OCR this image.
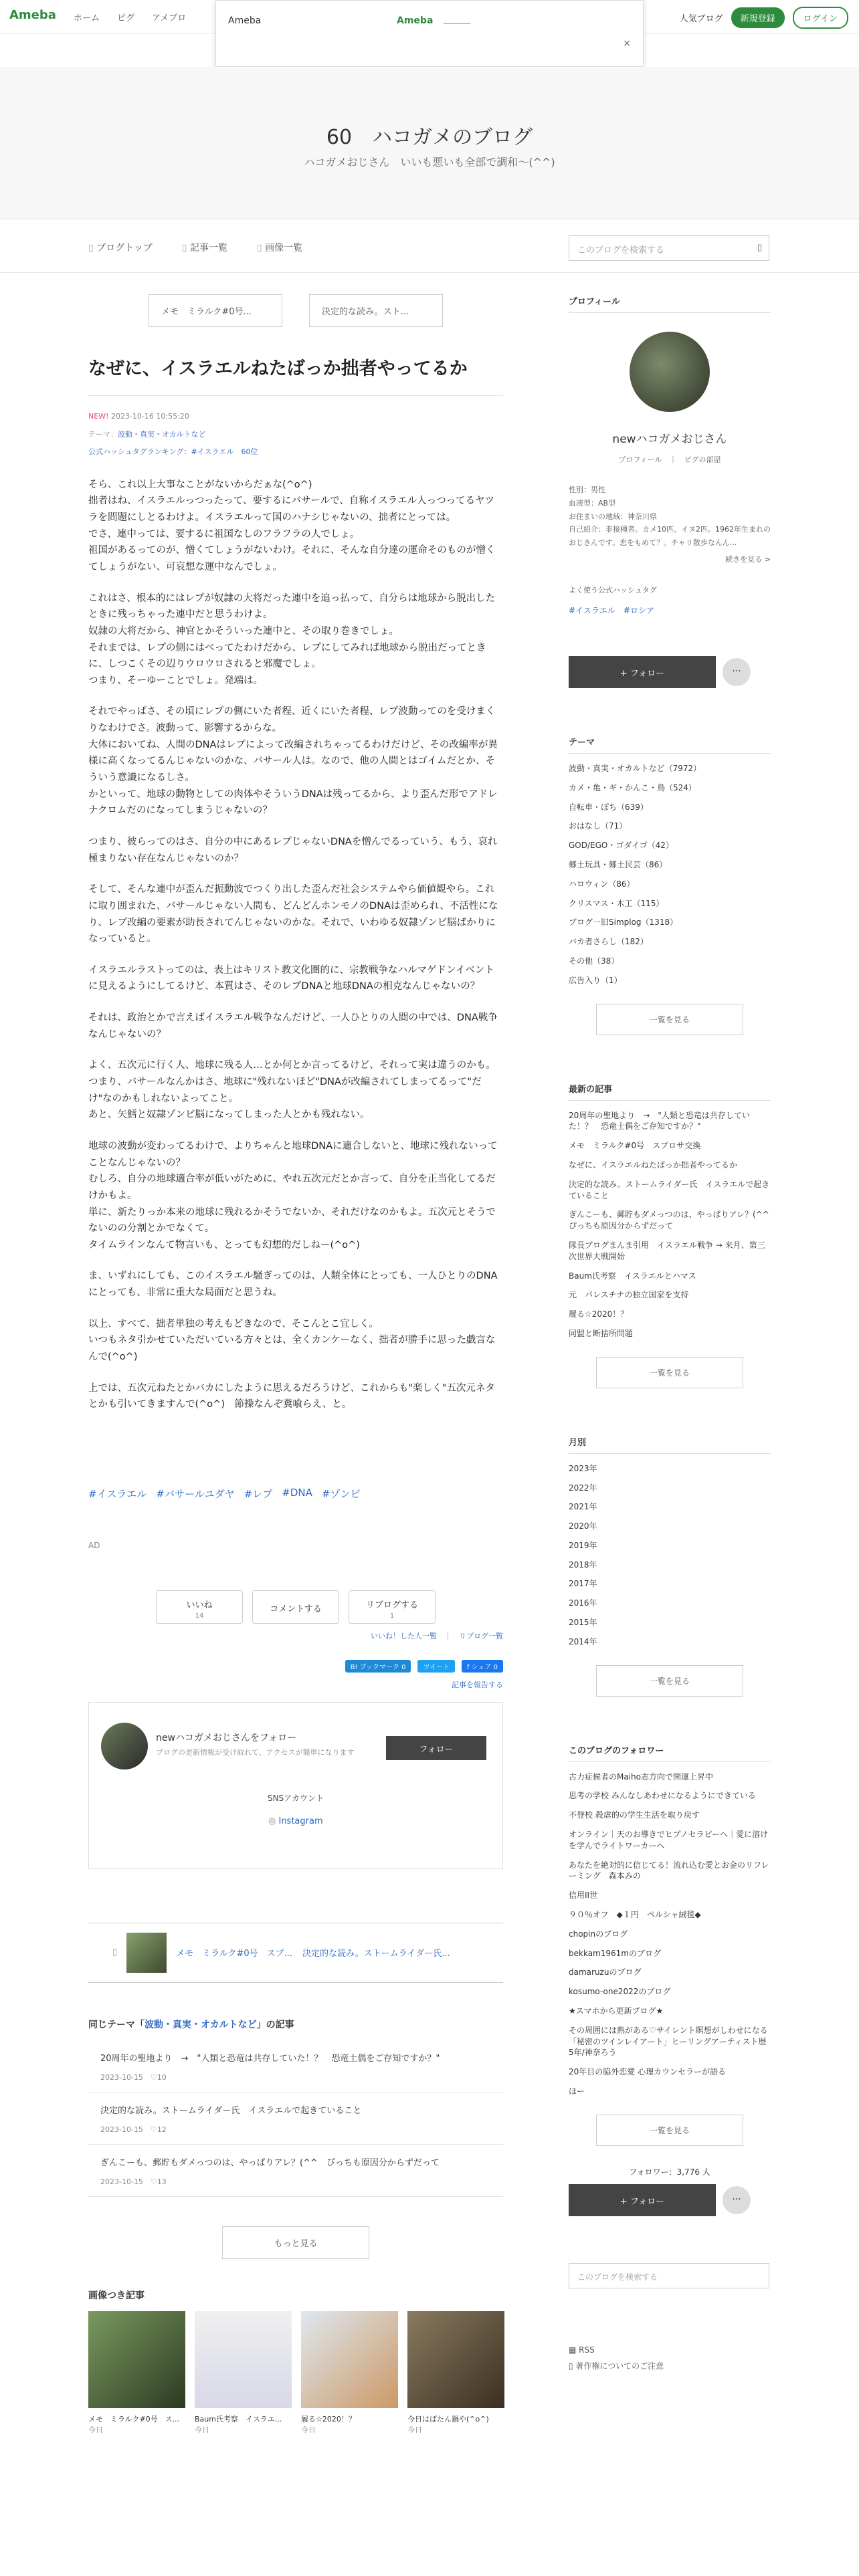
Ameba ホーム ピグ アメブロ	人気ブログ	新規登録	ログイン
Ameba	Ameba
×
60　ハコガメのブログ
ハコガメおじさん　いいも悪いも全部で調和〜(^^)
▯ ブログトップ	▯ 記事一覧	▯ 画像一覧	このブログを検索する	▯
メモ　ミラルク#0号...	決定的な読み。スト...
なぜに、イスラエルねたばっか拙者やってるか
NEW! 2023-10-16 10:55:20
テーマ：波動・真実・オカルトなど
公式ハッシュタグランキング：#イスラエル　60位

そら、これ以上大事なことがないからだぁな(^o^)
拙者はね、イスラエルっつったって、要するにバサールで、自称イスラエル人っつってるヤツラを問題にしとるわけよ。イスラエルって国のハナシじゃないの、拙者にとっては。
でさ、連中っては、要するに祖国なしのフラフラの人でしょ。
祖国があるってのが、憎くてしょうがないわけ。それに、そんな自分達の運命そのものが憎くてしょうがない、可哀想な運中なんでしょ。

これはさ、根本的にはレプが奴隷の大将だった連中を追っ払って、自分らは地球から脱出したときに残っちゃった連中だと思うわけよ。
奴隷の大将だから、神官とかそういった連中と、その取り巻きでしょ。
それまでは、レプの側にはべってたわけだから、レプにしてみれば地球から脱出だってときに、しつこくその辺りウロウロされると邪魔でしょ。
つまり、そーゆーことでしょ。発端は。

それでやっぱさ、その頃にレプの側にいた者程、近くにいた者程、レプ波動ってのを受けまくりなわけでさ。波動って、影響するからな。
大体においてね、人間のDNAはレプによって改編されちゃってるわけだけど、その改編率が異様に高くなってるんじゃないのかな、バサール人は。なので、他の人間とはゴイムだとか、そういう意識になるしさ。
かといって、地球の動物としての肉体やそういうDNAは残ってるから、より歪んだ形でアドレナクロムだのになってしまうじゃないの？

つまり、彼らってのはさ、自分の中にあるレプじゃないDNAを憎んでるっていう、もう、哀れ極まりない存在なんじゃないのか？

そして、そんな連中が歪んだ振動波でつくり出した歪んだ社会システムやら価値観やら。これに取り囲まれた、バサールじゃない人間も、どんどんホンモノのDNAは歪められ、不活性になり、レプ改編の要素が助長されてんじゃないのかな。それで、いわゆる奴隷ゾンビ脳ばかりになっていると。

イスラエルラストってのは、表上はキリスト教文化圏的に、宗教戦争なハルマゲドンイベントに見えるようにしてるけど、本質はさ、そのレプDNAと地球DNAの相克なんじゃないの？

それは、政治とかで言えばイスラエル戦争なんだけど、一人ひとりの人間の中では、DNA戦争なんじゃないの？

よく、五次元に行く人、地球に残る人…とか何とか言ってるけど、それって実は違うのかも。
つまり、バサールなんかはさ、地球に"残れないほど"DNAが改編されてしまってるって"だけ"なのかもしれないよってこと。
あと、矢鱈と奴隷ゾンビ脳になってしまった人とかも残れない。

地球の波動が変わってるわけで、よりちゃんと地球DNAに適合しないと、地球に残れないってことなんじゃないの？
むしろ、自分の地球適合率が低いがために、やれ五次元だとか言って、自分を正当化してるだけかもよ。
単に、新たりっか本来の地球に残れるかそうでないか、それだけなのかもよ。五次元とそうでないのの分割とかでなくて。
タイムラインなんて物言いも、とっても幻想的だしねー(^o^)

ま、いずれにしても、このイスラエル騒ぎってのは、人類全体にとっても、一人ひとりのDNAにとっても、非常に重大な局面だと思うね。

以上、すべて、拙者単独の考えもどきなので、そこんとこ宜しく。
いつもネタ引かせていただいている方々とは、全くカンケーなく、拙者が勝手に思った戯言なんで(^o^)

上では、五次元ねたとかバカにしたように思えるだろうけど、これからも"楽しく"五次元ネタとかも引いてきますんで(^o^)　節操なんぞ糞喰らえ、と。

#イスラエル #バサールユダヤ #レプ #DNA #ゾンビ
AD
いいね
14
コメントする	リブログする
1
いいね！した人一覧　｜　リブログ一覧
B! ブックマーク 0	ツイート	f シェア 0
記事を報告する
newハコガメおじさんをフォロー
ブログの更新情報が受け取れて、アクセスが簡単になります	フォロー
SNSアカウント
◎ Instagram
▯	メモ　ミラルク#0号　スプ... 決定的な読み。ストームライダー氏...
同じテーマ「波動・真実・オカルトなど」の記事
20周年の聖地より　→　"人類と恐竜は共存していた！？　恐竜土偶をご存知ですか？"
2023-10-15　♡10
決定的な読み。ストームライダー氏　イスラエルで起きていること
2023-10-15　♡12
ぎんこーも、郵貯もダメっつのは、やっぱりアレ？(^^　ぴっちも原因分からずだって
2023-10-15　♡13
もっと見る
画像つき記事
メモ　ミラルク#0号　ス...
今日
Baum氏考察　イスラエ...
今日
履る☆2020！？
今日
今日はばたん鍋や(^o^)
今日
プロフィール
newハコガメおじさん
プロフィール　｜　ピグの部屋
性別：男性
血液型：AB型
お住まいの地域：神奈川県
自己紹介：非接種者。カメ10匹、イヌ2匹。1962年生まれのおじさんです。恋をもめて？。チャリ散歩なんん...
続きを見る >
よく使う公式ハッシュタグ
#イスラエル　#ロシア
+ フォロー	···
テーマ
波動・真実・オカルトなど（7972）
カメ・亀・ギ・かんこ・鳥（524）
自転車・ぽち（639）
おはなし（71）
GOD/EGO・ゴダイゴ（42）
郷土玩具・郷土民芸（86）
ハロウィン（86）
クリスマス・木工（115）
ブログ一旧Simplog（1318）
バカ者さらし（182）
その他（38）
広告入り（1）
一覧を見る
最新の記事
20周年の聖地より　→　"人類と恐竜は共存していた！？　恐竜土偶をご存知ですか？"
メモ　ミラルク#0号　スプロサ交換
なぜに、イスラエルねたばっか拙者やってるか
決定的な読み。ストームライダー氏　イスラエルで起きていること
ぎんこーも、郵貯もダメっつのは、やっぱりアレ？(^^　ぴっちも原因分からずだって
隊長ブログまんま引用　イスラエル戦争 → 来月、第三次世界大戦開始
Baum氏考察　イスラエルとハマス
元　パレスチナの独立国家を支持
履る☆2020！？
同盟と断捨所問題
一覧を見る
月別
2023年
2022年
2021年
2020年
2019年
2018年
2017年
2016年
2015年
2014年
一覧を見る
このブログのフォロワー
古力症候者のMaiho志方向で開運上昇中
思考の学校 みんなしあわせになるようにできている
不登校 殺虐的の学生生活を取り戻す
オンライン｜天のお導きでヒプノセラピーへ｜愛に溶けを学んでライトワーカーへ
あなたを絶対的に信じてる！流れ込む愛とお金のリフレーミング　森本みの
信用II世
９０％オフ　◆１円　ペルシャ絨毯◆
chopinのブログ
bekkam1961mのブログ
damaruzuのブログ
kosumo-one2022のブログ
★スマホから更新ブログ★
その周囲には熟がある♡サイレント瞑想がしわせになる「秘密のツインレイアート」ヒーリングアーティスト歴5年/神奈ろう
20年目の脇外恋愛 心理カウンセラーが語る
ほー
一覧を見る
フォロワー：3,776 人
+ フォロー	···
このブログを検索する
▦ RSS
▯ 著作権についてのご注意
